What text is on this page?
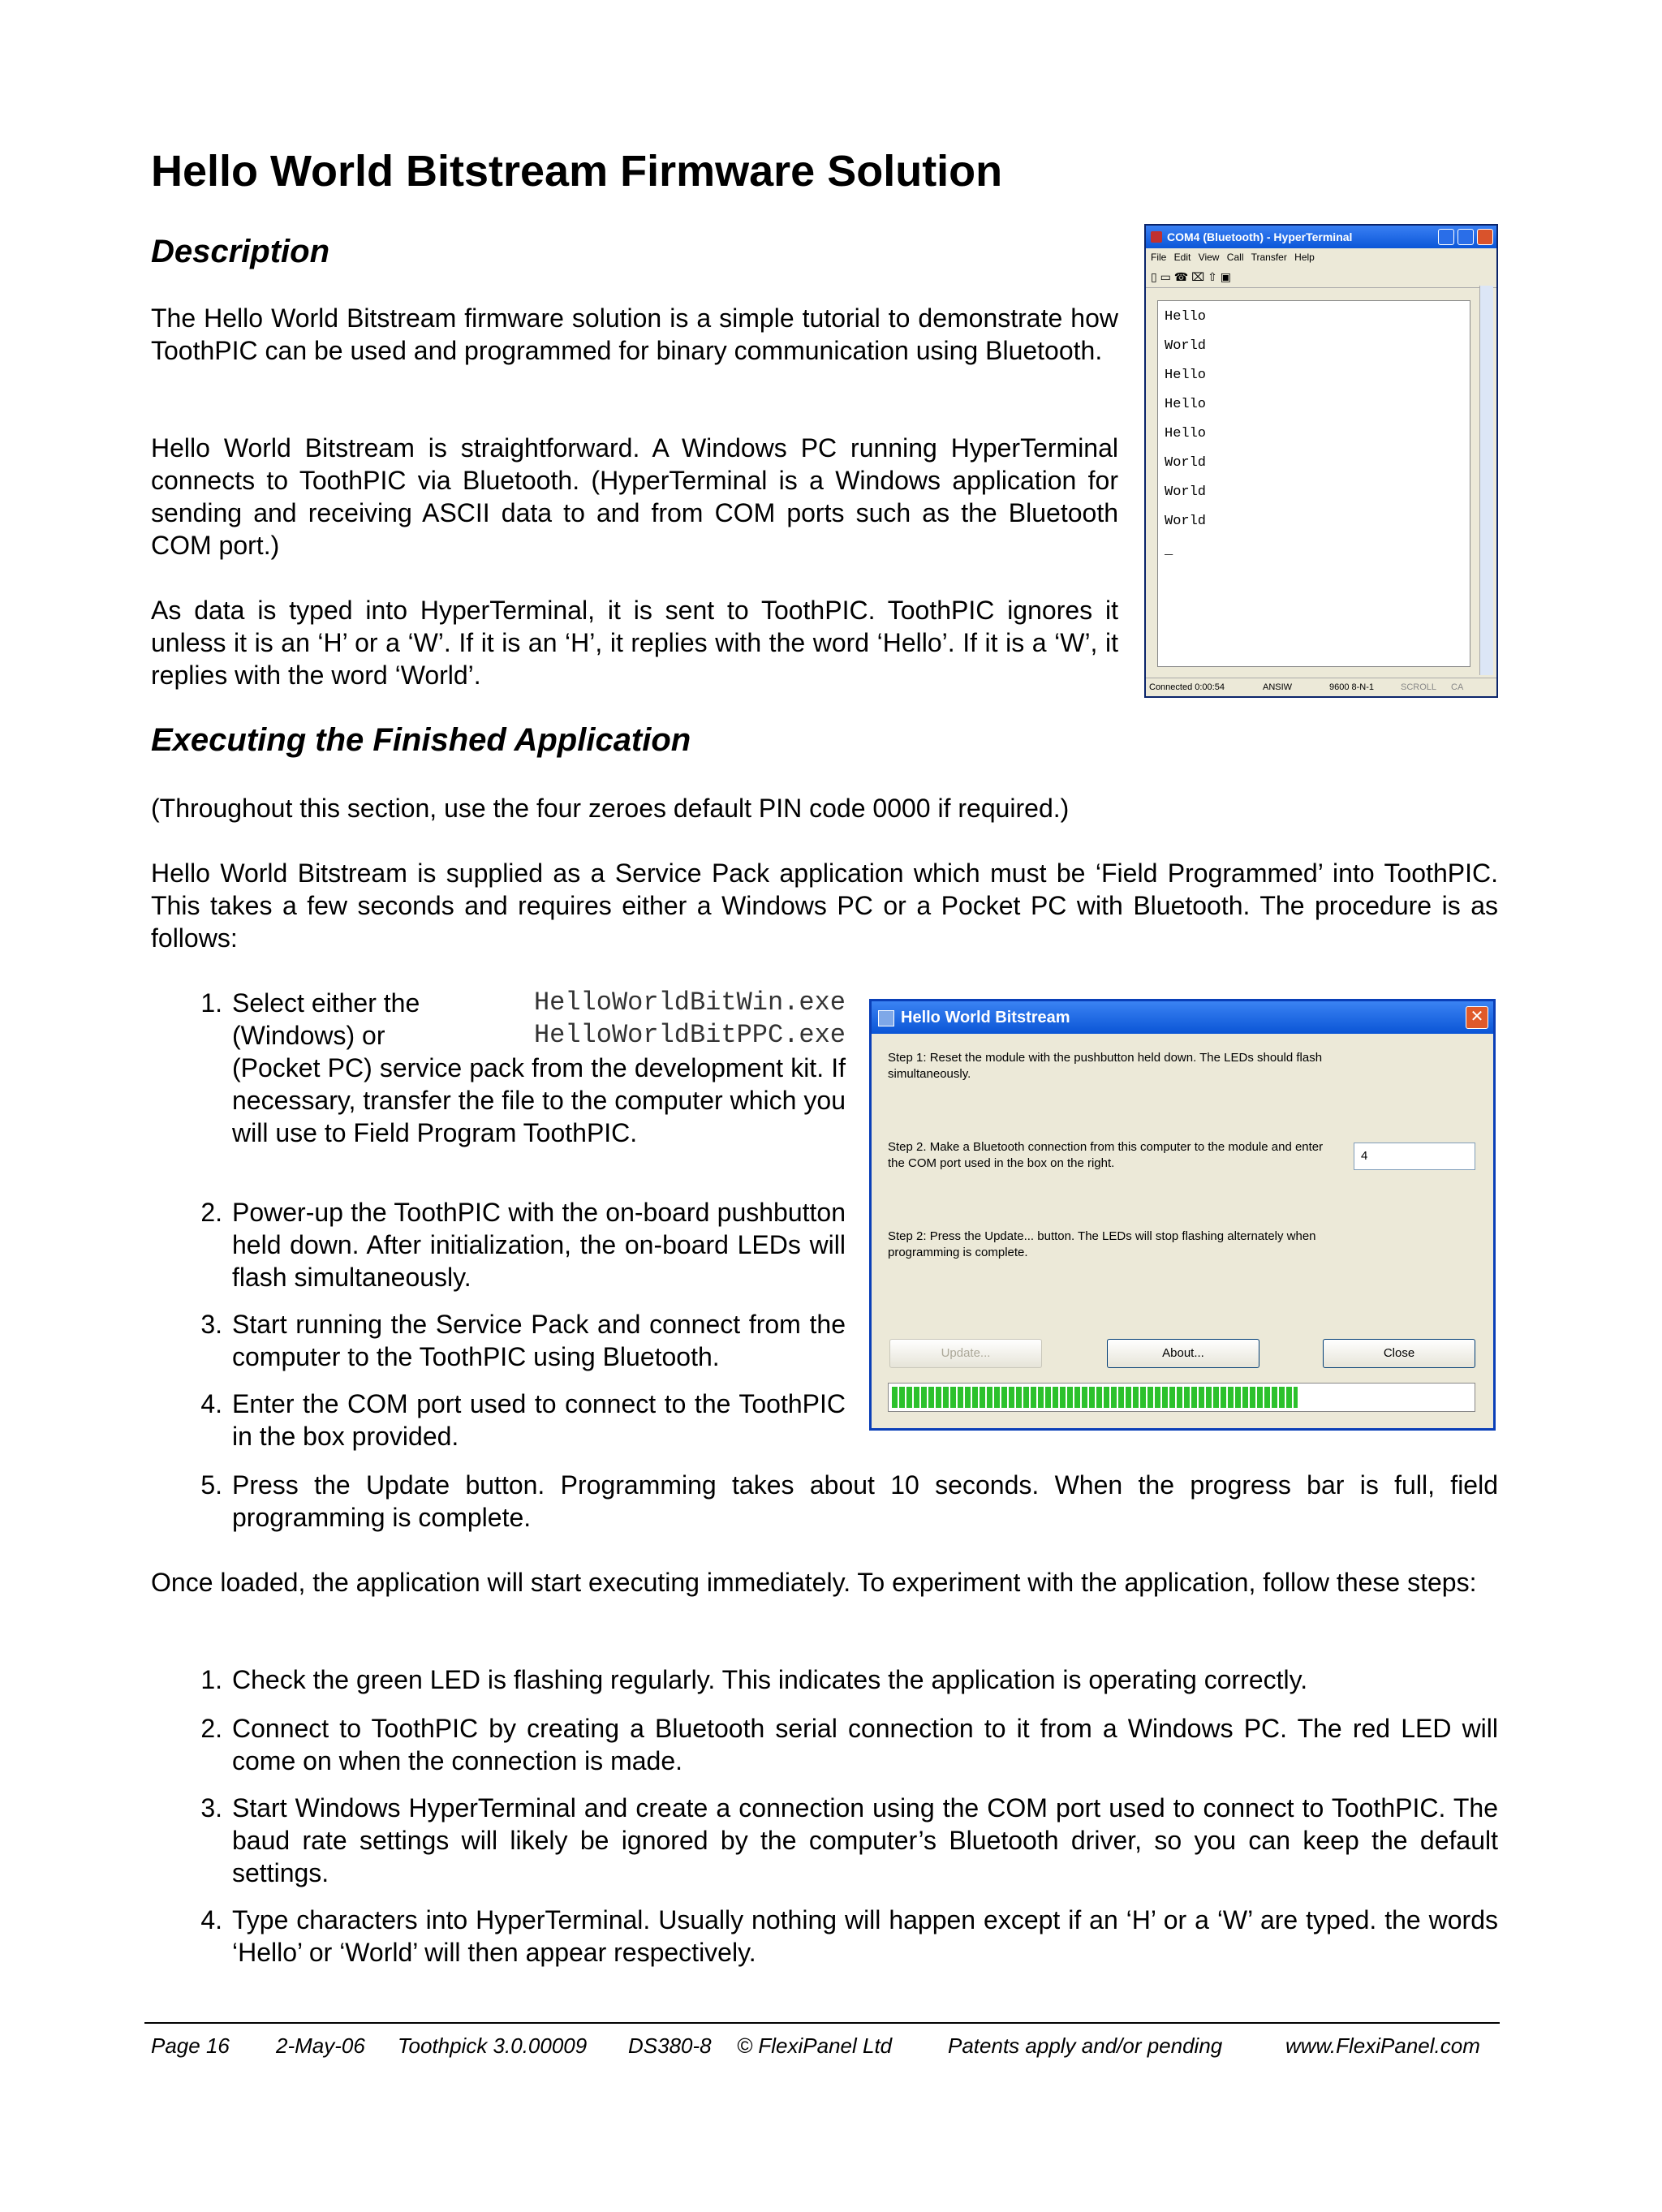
Hello World Bitstream Firmware Solution
Description

The Hello World Bitstream firmware solution is a simple tutorial to demonstrate how ToothPIC can be used and programmed for binary communication using Bluetooth.

Hello World Bitstream is straightforward. A Windows PC running HyperTerminal connects to ToothPIC via Bluetooth. (HyperTerminal is a Windows application for sending and receiving ASCII data to and from COM ports such as the Bluetooth COM port.)

As data is typed into HyperTerminal, it is sent to ToothPIC. ToothPIC ignores it unless it is an ‘H’ or a ‘W’. If it is an ‘H’, it replies with the word ‘Hello’. If it is a ‘W’, it replies with the word ‘World’.

COM4 (Bluetooth) - HyperTerminal
File Edit View Call Transfer Help
▯ ▭ ☎ ⌧ ⇧ ▣
Hello
World
Hello
Hello
Hello
World
World
World
_
Connected 0:00:54	ANSIW	9600 8-N-1	SCROLL CA
Executing the Finished Application

(Throughout this section, use the four zeroes default PIN code 0000 if required.)

Hello World Bitstream is supplied as a Service Pack application which must be ‘Field Programmed’ into ToothPIC. This takes a few seconds and requires either a Windows PC or a Pocket PC with Bluetooth. The procedure is as follows:

1. Select either the	HelloWorldBitWin.exe
(Windows) or	HelloWorldBitPPC.exe
(Pocket PC) service pack from the development kit. If necessary, transfer the file to the computer which you will use to Field Program ToothPIC.
2. Power-up the ToothPIC with the on-board pushbutton held down. After initialization, the on-board LEDs will flash simultaneously.
3. Start running the Service Pack and connect from the computer to the ToothPIC using Bluetooth.
4. Enter the COM port used to connect to the ToothPIC in the box provided.
5. Press the Update button. Programming takes about 10 seconds. When the progress bar is full, field programming is complete.
Hello World Bitstream	✕
Step 1: Reset the module with the pushbutton held down. The LEDs should flash simultaneously.
Step 2. Make a Bluetooth connection from this computer to the module and enter the COM port used in the box on the right.
4
Step 2: Press the Update... button. The LEDs will stop flashing alternately when programming is complete.
Update...	About...	Close

Once loaded, the application will start executing immediately. To experiment with the application, follow these steps:

1. Check the green LED is flashing regularly. This indicates the application is operating correctly.
2. Connect to ToothPIC by creating a Bluetooth serial connection to it from a Windows PC. The red LED will come on when the connection is made.
3. Start Windows HyperTerminal and create a connection using the COM port used to connect to ToothPIC. The baud rate settings will likely be ignored by the computer’s Bluetooth driver, so you can keep the default settings.
4. Type characters into HyperTerminal. Usually nothing will happen except if an ‘H’ or a ‘W’ are typed. the words ‘Hello’ or ‘World’ will then appear respectively.
Page 16 2-May-06 Toothpick 3.0.00009 DS380-8 © FlexiPanel Ltd	Patents apply and/or pending	www.FlexiPanel.com
